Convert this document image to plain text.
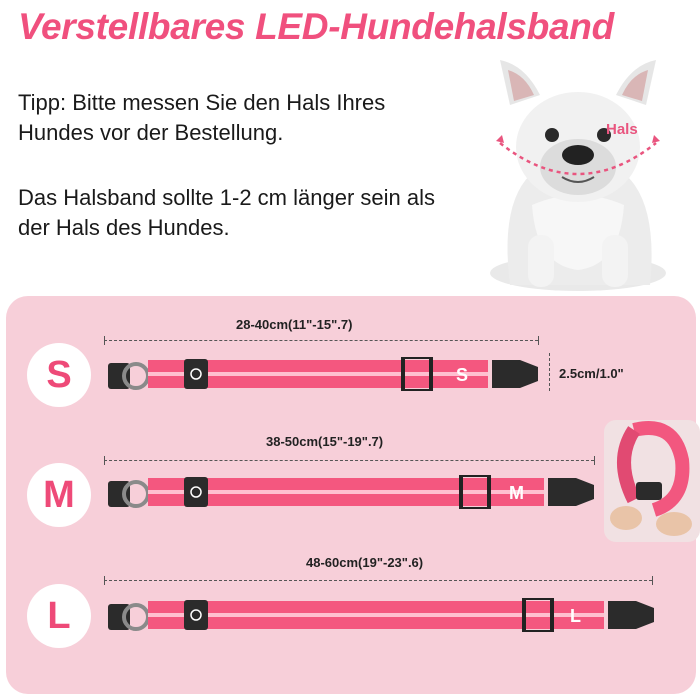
Verstellbares LED-Hundehalsband
Tipp: Bitte messen Sie den Hals Ihres Hundes vor der Bestellung.
Das Halsband sollte 1-2 cm länger sein als der Hals des Hundes.
Hals
S
28-40cm(11"-15".7)
S	2.5cm/1.0"
M
38-50cm(15"-19".7)
M
L
48-60cm(19"-23".6)
L
